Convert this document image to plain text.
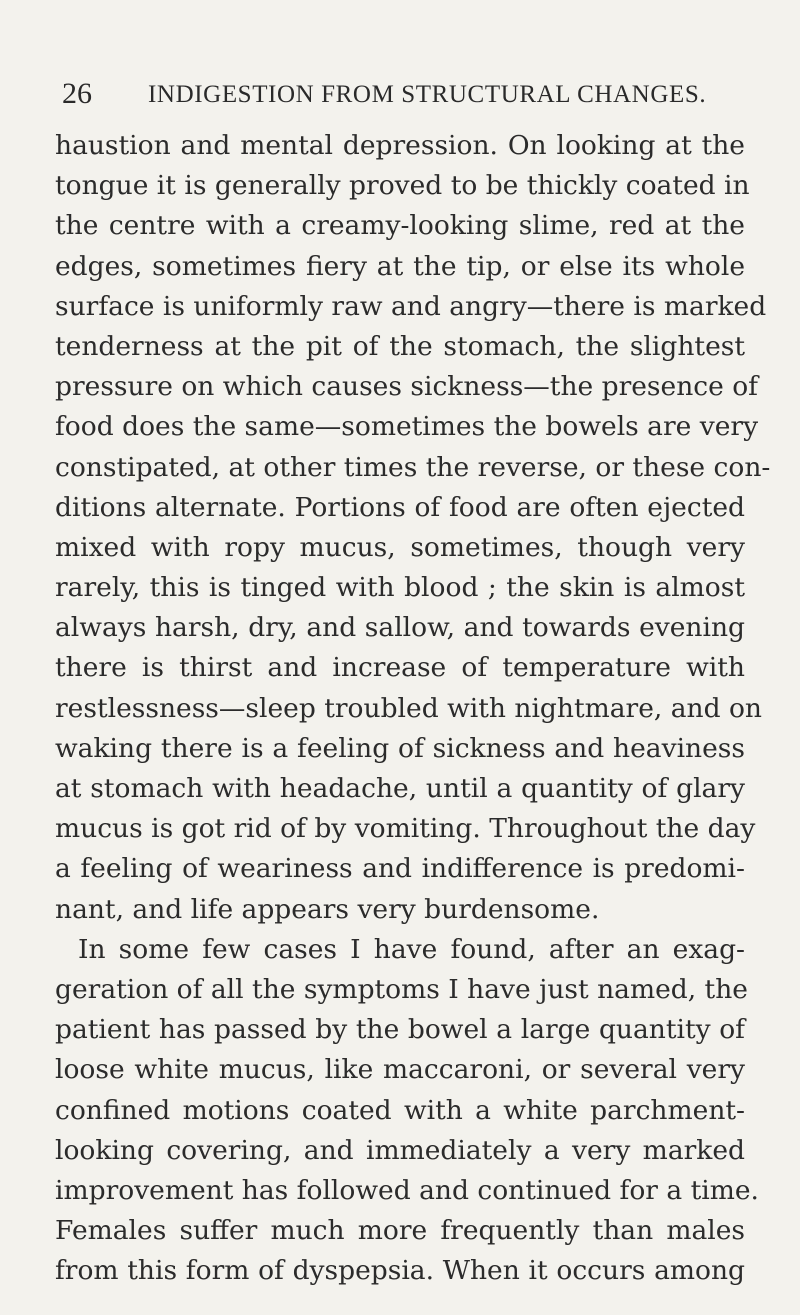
26 INDIGESTION FROM STRUCTURAL CHANGES.
haustion and mental depression. On looking at the
tongue it is generally proved to be thickly coated in
the centre with a creamy-looking slime, red at the
edges, sometimes fiery at the tip, or else its whole
surface is uniformly raw and angry—there is marked
tenderness at the pit of the stomach, the slightest
pressure on which causes sickness—the presence of
food does the same—sometimes the bowels are very
constipated, at other times the reverse, or these con-
ditions alternate. Portions of food are often ejected
mixed with ropy mucus, sometimes, though very
rarely, this is tinged with blood ; the skin is almost
always harsh, dry, and sallow, and towards evening
there is thirst and increase of temperature with
restlessness—sleep troubled with nightmare, and on
waking there is a feeling of sickness and heaviness
at stomach with headache, until a quantity of glary
mucus is got rid of by vomiting. Throughout the day
a feeling of weariness and indifference is predomi-
nant, and life appears very burdensome.
In some few cases I have found, after an exag-
geration of all the symptoms I have just named, the
patient has passed by the bowel a large quantity of
loose white mucus, like maccaroni, or several very
confined motions coated with a white parchment-
looking covering, and immediately a very marked
improvement has followed and continued for a time.
Females suffer much more frequently than males
from this form of dyspepsia. When it occurs among
